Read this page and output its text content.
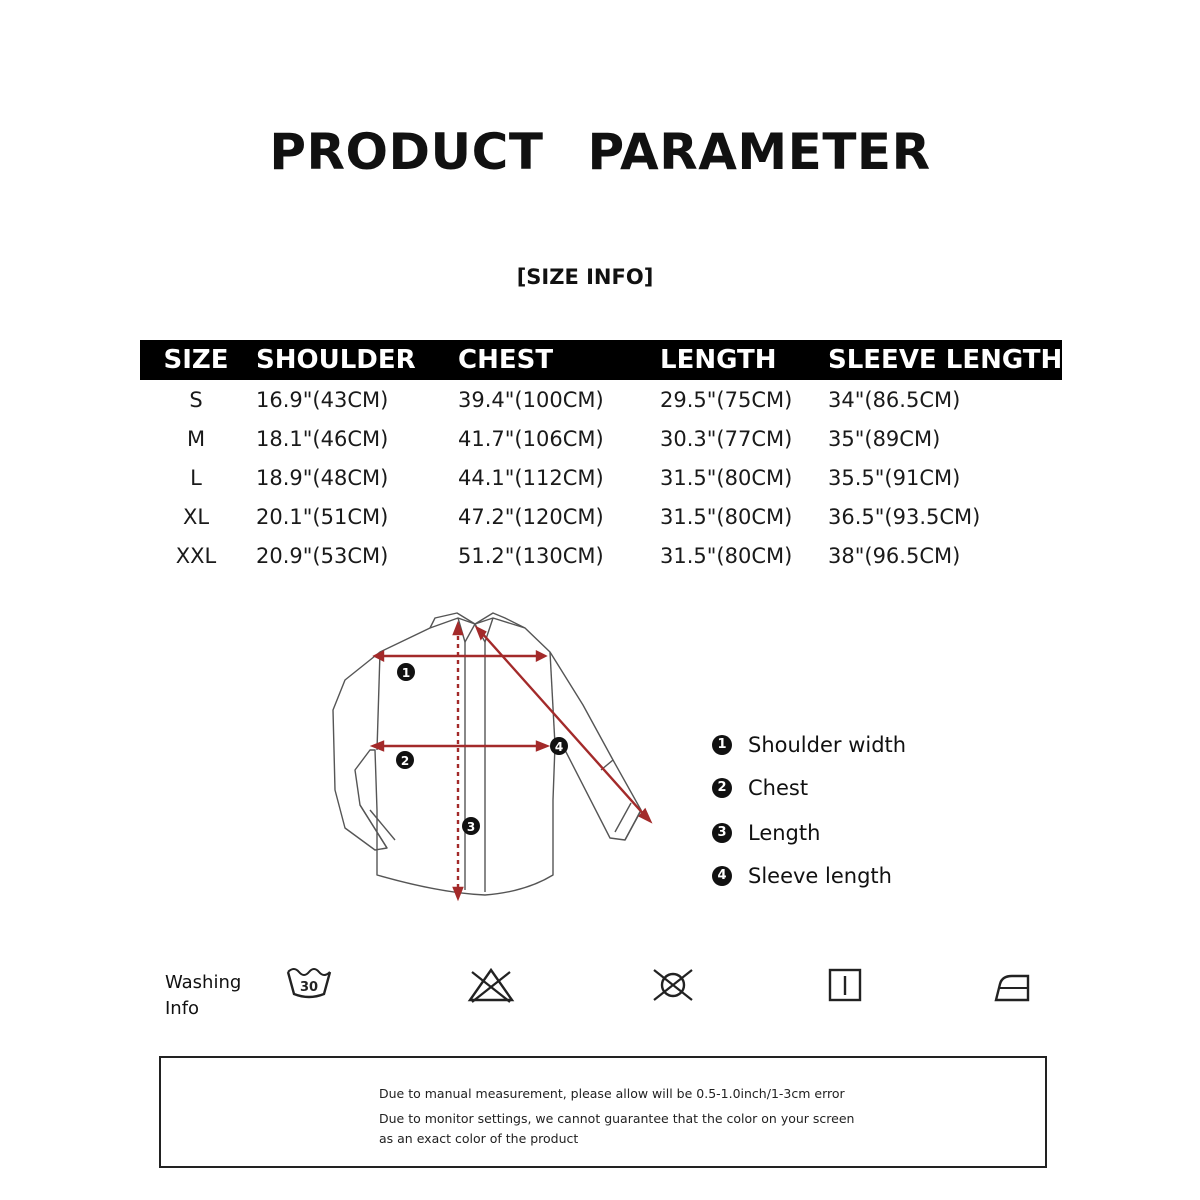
PRODUCT PARAMETER
[SIZE INFO]
SIZE	SHOULDER	CHEST	LENGTH	SLEEVE LENGTH
S	16.9"(43CM)	39.4"(100CM)	29.5"(75CM)	34"(86.5CM)
M	18.1"(46CM)	41.7"(106CM)	30.3"(77CM)	35"(89CM)
L	18.9"(48CM)	44.1"(112CM)	31.5"(80CM)	35.5"(91CM)
XL	20.1"(51CM)	47.2"(120CM)	31.5"(80CM)	36.5"(93.5CM)
XXL	20.9"(53CM)	51.2"(130CM)	31.5"(80CM)	38"(96.5CM)
1
2
3
4	1 Shoulder width
2 Chest
3 Length
4 Sleeve length
Washing
Info
30
Due to manual measurement, please allow will be 0.5-1.0inch/1-3cm error
Due to monitor settings, we cannot guarantee that the color on your screen
as an exact color of the product
